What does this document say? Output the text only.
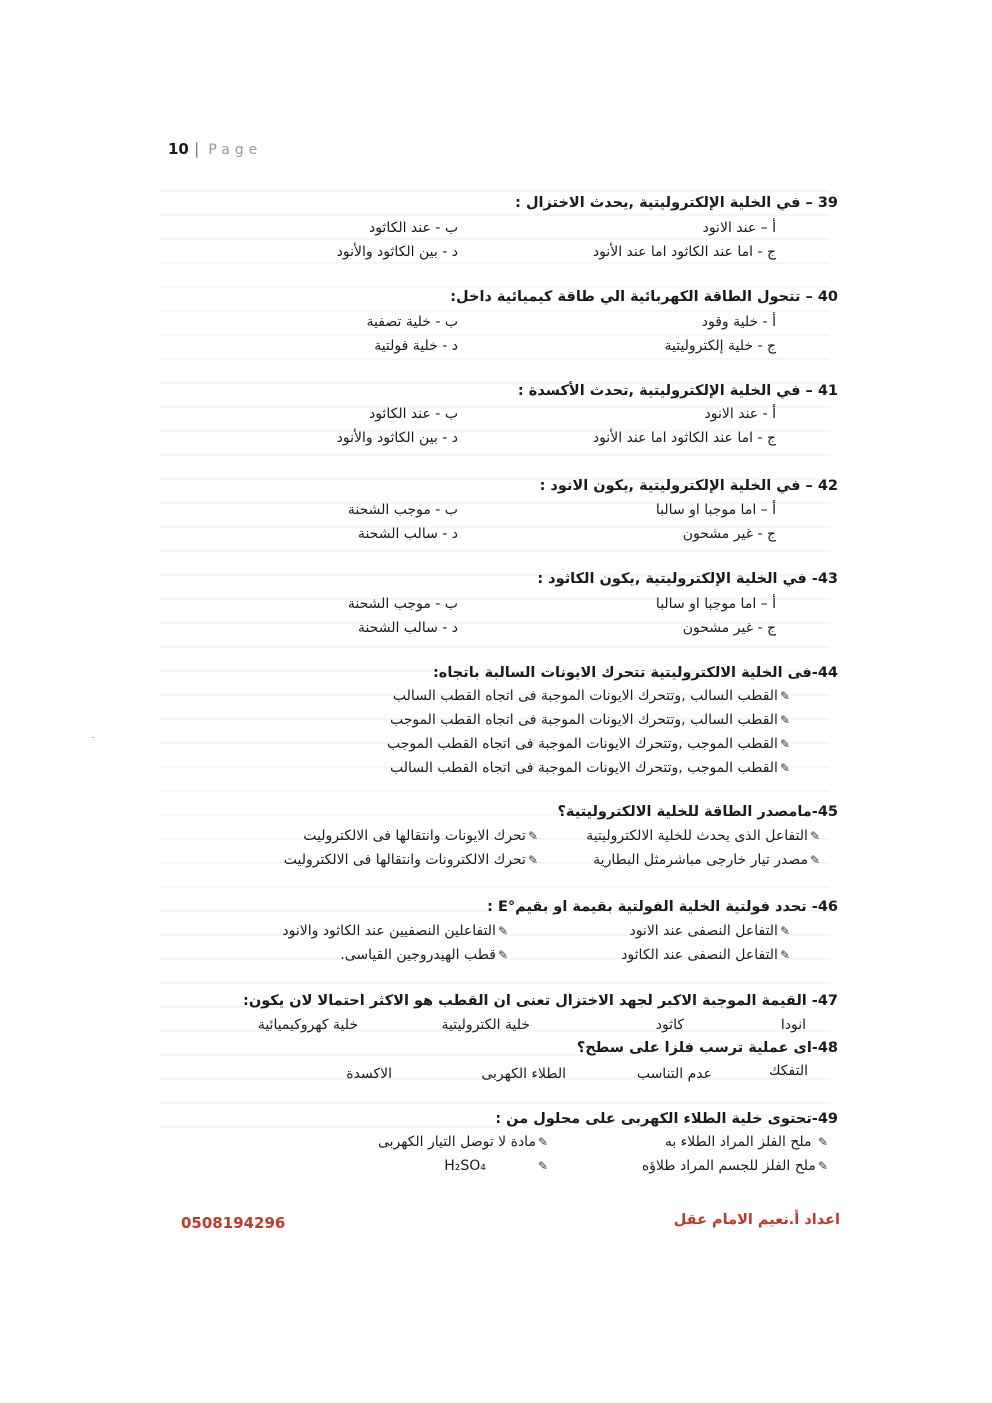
10 | Page
39 – في الخلية الإلكتروليتية ,يحدث الاختزال :
أ – عند الانود
ب - عند الكاثود
ج - اما عند الكاثود اما عند الأنود
د - بين الكاثود والأنود
40 – تتحول الطاقة الكهربائية الي طاقة كيميائية داخل:
أ - خلية وقود
ب - خلية تصفية
ج - خلية إلكتروليتية
د - خلية فولتية
41 – في الخلية الإلكتروليتية ,تحدث الأكسدة :
أ - عند الانود
ب - عند الكاثود
ج - اما عند الكاثود اما عند الأنود
د - بين الكاثود والأنود
42 – في الخلية الإلكتروليتية ,يكون الانود :
أ – اما موجبا او سالبا
ب - موجب الشحنة
ج - غير مشحون
د - سالب الشحنة
43- في الخلية الإلكتروليتية ,يكون الكاثود :
أ – اما موجبا او سالبا
ب - موجب الشحنة
ج - غير مشحون
د - سالب الشحنة
44-فى الخلية الالكتروليتية تتحرك الايونات السالبة باتجاه:
✎القطب السالب ,وتتحرك الايونات الموجبة فى اتجاه القطب السالب
✎القطب السالب ,وتتحرك الايونات الموجبة فى اتجاه القطب الموجب
✎القطب الموجب ,وتتحرك الايونات الموجبة فى اتجاه القطب الموجب
✎القطب الموجب ,وتتحرك الايونات الموجبة فى اتجاه القطب السالب
45-مامصدر الطاقة للخلية الالكتروليتية؟
✎التفاعل الذى يحدث للخلية الالكتروليتية
✎تحرك الايونات وانتقالها فى الالكتروليت
✎مصدر تيار خارجى مباشرمثل البطارية
✎تحرك الالكترونات وانتقالها فى الالكتروليت
46- تحدد فولتية الخلية الفولتية بقيمة او بقيم°E :
✎التفاعل النصفى عند الانود
✎التفاعلين النصفيين عند الكاثود والانود
✎التفاعل النصفى عند الكاثود
✎قطب الهيدروجين القياسى.
47- القيمة الموجبة الاكبر لجهد الاختزال تعنى ان القطب هو الاكثر احتمالا لان يكون:
انودا
كاثود
خلية الكتروليتية
خلية كهروكيميائية
48-اى عملية ترسب فلزا على سطح؟
التفكك
عدم التناسب
الطلاء الكهربى
الاكسدة
49-تحتوى خلية الطلاء الكهربى على محلول من :
✎ ملح الفلز المراد الطلاء به
✎مادة لا توصل التيار الكهربى
✎ملح الفلز للجسم المراد طلاؤه
✎H₂SO₄
0508194296	اعداد أ.نعيم الامام عقل
